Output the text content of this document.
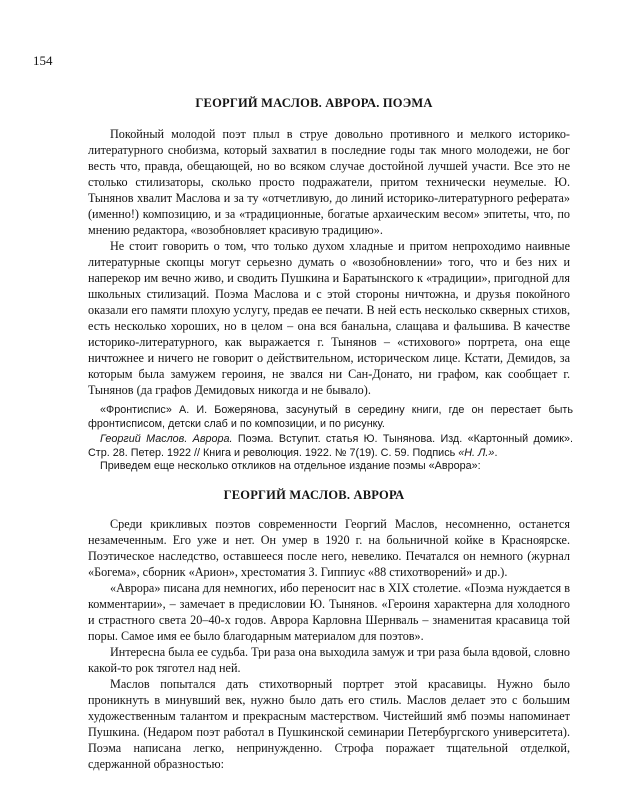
154
ГЕОРГИЙ МАСЛОВ. АВРОРА. ПОЭМА

Покойный молодой поэт плыл в струе довольно противного и мелкого историко-литературного снобизма, который захватил в последние годы так много молодежи, не бог весть что, правда, обещающей, но во всяком случае достойной лучшей участи. Все это не столько стилизаторы, сколько просто подражатели, притом технически неумелые. Ю. Тынянов хвалит Маслова и за ту «отчетливую, до линий историко-литературного реферата» (именно!) композицию, и за «традиционные, богатые архаическим весом» эпитеты, что, по мнению редактора, «возобновляет красивую традицию».

Не стоит говорить о том, что только духом хладные и притом непроходимо наивные литературные скопцы могут серьезно думать о «возобновлении» того, что и без них и наперекор им вечно живо, и сводить Пушкина и Баратынского к «традиции», пригодной для школьных стилизаций. Поэма Маслова и с этой стороны ничтожна, и друзья покойного оказали его памяти плохую услугу, предав ее печати. В ней есть несколько скверных стихов, есть несколько хороших, но в целом – она вся банальна, слащава и фальшива. В качестве историко-литературного, как выражается г. Тынянов – «стихового» портрета, она еще ничтожнее и ничего не говорит о действительном, историческом лице. Кстати, Демидов, за которым была замужем героиня, не звался ни Сан-Донато, ни графом, как сообщает г. Тынянов (да графов Демидовых никогда и не бывало).

«Фронтиспис» А. И. Божерянова, засунутый в середину книги, где он перестает быть фронтисписом, детски слаб и по композиции, и по рисунку.

Георгий Маслов. Аврора. Поэма. Вступит. статья Ю. Тынянова. Изд. «Картонный домик». Стр. 28. Петер. 1922 // Книга и революция. 1922. № 7(19). С. 59. Подпись «Н. Л.».

Приведем еще несколько откликов на отдельное издание поэмы «Аврора»:
ГЕОРГИЙ МАСЛОВ. АВРОРА

Среди крикливых поэтов современности Георгий Маслов, несомненно, останется незамеченным. Его уже и нет. Он умер в 1920 г. на больничной койке в Красноярске. Поэтическое наследство, оставшееся после него, невелико. Печатался он немного (журнал «Богема», сборник «Арион», хрестоматия З. Гиппиус «88 стихотворений» и др.).

«Аврора» писана для немногих, ибо переносит нас в XIX столетие. «Поэма нуждается в комментарии», – замечает в предисловии Ю. Тынянов. «Героиня характерна для холодного и страстного света 20–40-х годов. Аврора Карловна Шернваль – знаменитая красавица той поры. Самое имя ее было благодарным материалом для поэтов».

Интересна была ее судьба. Три раза она выходила замуж и три раза была вдовой, словно какой-то рок тяготел над ней.

Маслов попытался дать стихотворный портрет этой красавицы. Нужно было проникнуть в минувший век, нужно было дать его стиль. Маслов делает это с большим художественным талантом и прекрасным мастерством. Чистейший ямб поэмы напоминает Пушкина. (Недаром поэт работал в Пушкинской семинарии Петербургского университета). Поэма написана легко, непринужденно. Строфа поражает тщательной отделкой, сдержанной образностью:
